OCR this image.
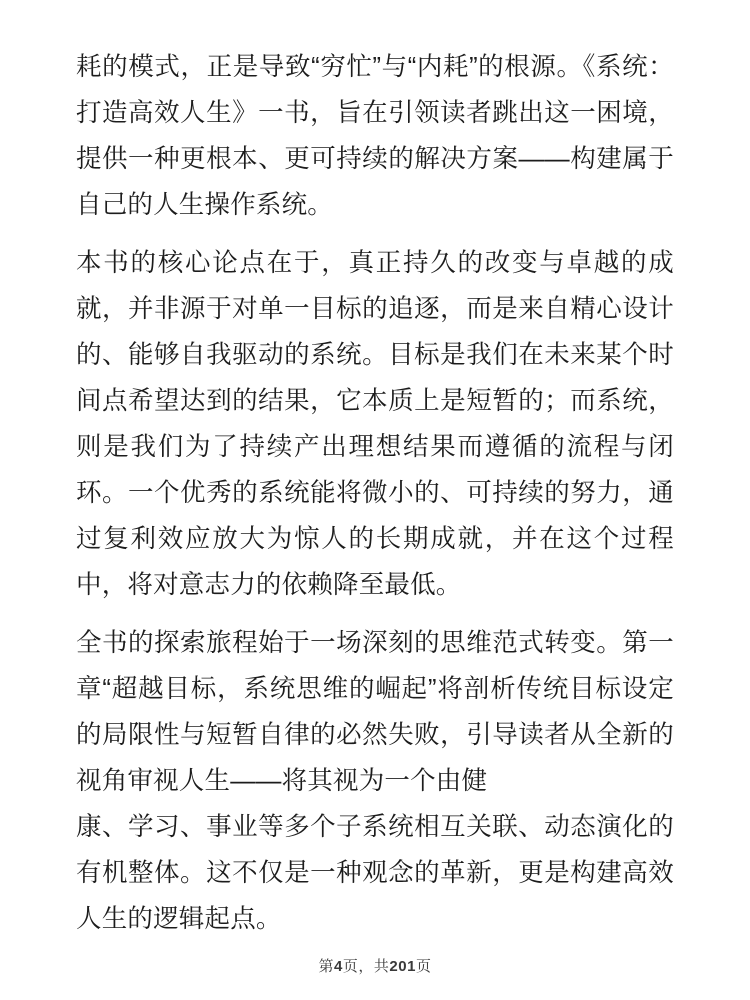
耗的模式，正是导致“穷忙”与“内耗”的根源。《系统：打造高效人生》一书，旨在引领读者跳出这一困境，提供一种更根本、更可持续的解决方案——构建属于自己的人生操作系统。

本书的核心论点在于，真正持久的改变与卓越的成就，并非源于对单一目标的追逐，而是来自精心设计的、能够自我驱动的系统。目标是我们在未来某个时间点希望达到的结果，它本质上是短暂的；而系统，则是我们为了持续产出理想结果而遵循的流程与闭环。一个优秀的系统能将微小的、可持续的努力，通过复利效应放大为惊人的长期成就，并在这个过程中，将对意志力的依赖降至最低。

全书的探索旅程始于一场深刻的思维范式转变。第一章“超越目标，系统思维的崛起”将剖析传统目标设定的局限性与短暂自律的必然失败，引导读者从全新的视角审视人生——将其视为一个由健

康、学习、事业等多个子系统相互关联、动态演化的有机整体。这不仅是一种观念的革新，更是构建高效人生的逻辑起点。

第4页，共201页
